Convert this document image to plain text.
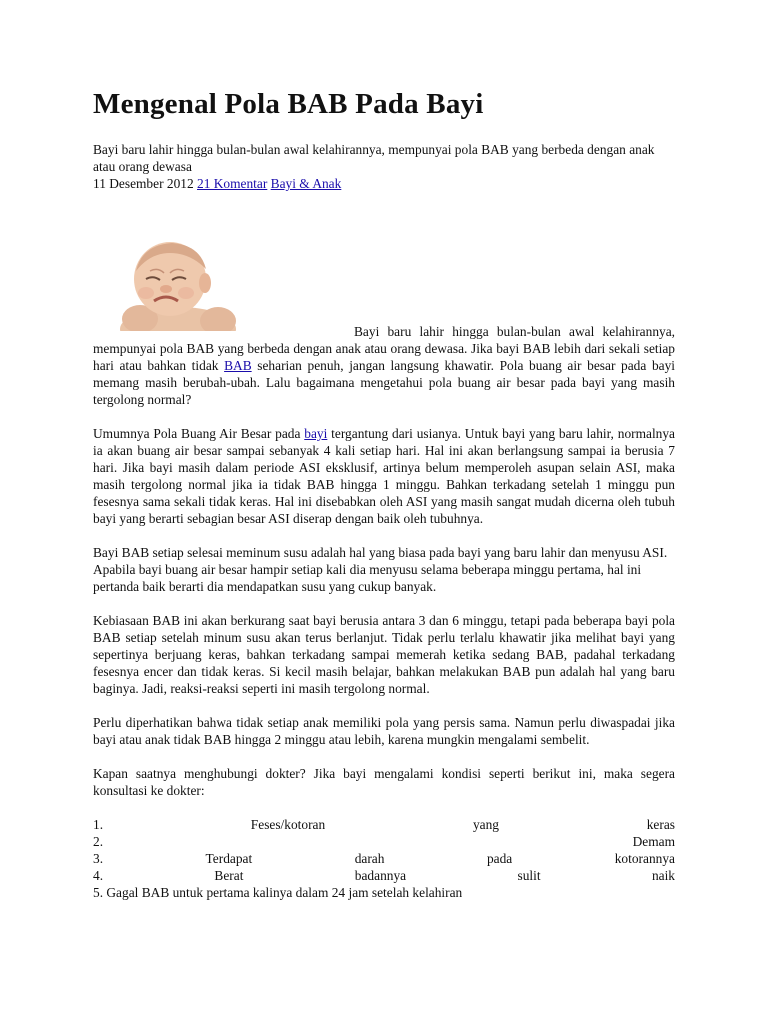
Mengenal Pola BAB Pada Bayi

Bayi baru lahir hingga bulan-bulan awal kelahirannya, mempunyai pola BAB yang berbeda dengan anak atau orang dewasa

11 Desember 2012 21 Komentar Bayi & Anak

Bayi baru lahir hingga bulan-bulan awal kelahirannya, mempunyai pola BAB yang berbeda dengan anak atau orang dewasa. Jika bayi BAB lebih dari sekali setiap hari atau bahkan tidak BAB seharian penuh, jangan langsung khawatir. Pola buang air besar pada bayi memang masih berubah-ubah. Lalu bagaimana mengetahui pola buang air besar pada bayi yang masih tergolong normal?

Umumnya Pola Buang Air Besar pada bayi tergantung dari usianya. Untuk bayi yang baru lahir, normalnya ia akan buang air besar sampai sebanyak 4 kali setiap hari. Hal ini akan berlangsung sampai ia berusia 7 hari. Jika bayi masih dalam periode ASI eksklusif, artinya belum memperoleh asupan selain ASI, maka masih tergolong normal jika ia tidak BAB hingga 1 minggu. Bahkan terkadang setelah 1 minggu pun fesesnya sama sekali tidak keras. Hal ini disebabkan oleh ASI yang masih sangat mudah dicerna oleh tubuh bayi yang berarti sebagian besar ASI diserap dengan baik oleh tubuhnya.

Bayi BAB setiap selesai meminum susu adalah hal yang biasa pada bayi yang baru lahir dan menyusu ASI. Apabila bayi buang air besar hampir setiap kali dia menyusu selama beberapa minggu pertama, hal ini pertanda baik berarti dia mendapatkan susu yang cukup banyak.

Kebiasaan BAB ini akan berkurang saat bayi berusia antara 3 dan 6 minggu, tetapi pada beberapa bayi pola BAB setiap setelah minum susu akan terus berlanjut. Tidak perlu terlalu khawatir jika melihat bayi yang sepertinya berjuang keras, bahkan terkadang sampai memerah ketika sedang BAB, padahal terkadang fesesnya encer dan tidak keras. Si kecil masih belajar, bahkan melakukan BAB pun adalah hal yang baru baginya. Jadi, reaksi-reaksi seperti ini masih tergolong normal.

Perlu diperhatikan bahwa tidak setiap anak memiliki pola yang persis sama. Namun perlu diwaspadai jika bayi atau anak tidak BAB hingga 2 minggu atau lebih, karena mungkin mengalami sembelit.

Kapan saatnya menghubungi dokter? Jika bayi mengalami kondisi seperti berikut ini, maka segera konsultasi ke dokter:

1.	Feses/kotoran	yang	keras
2.	Demam
3.	Terdapat	darah	pada	kotorannya
4.	Berat	badannya	sulit	naik
5. Gagal BAB untuk pertama kalinya dalam 24 jam setelah kelahiran
